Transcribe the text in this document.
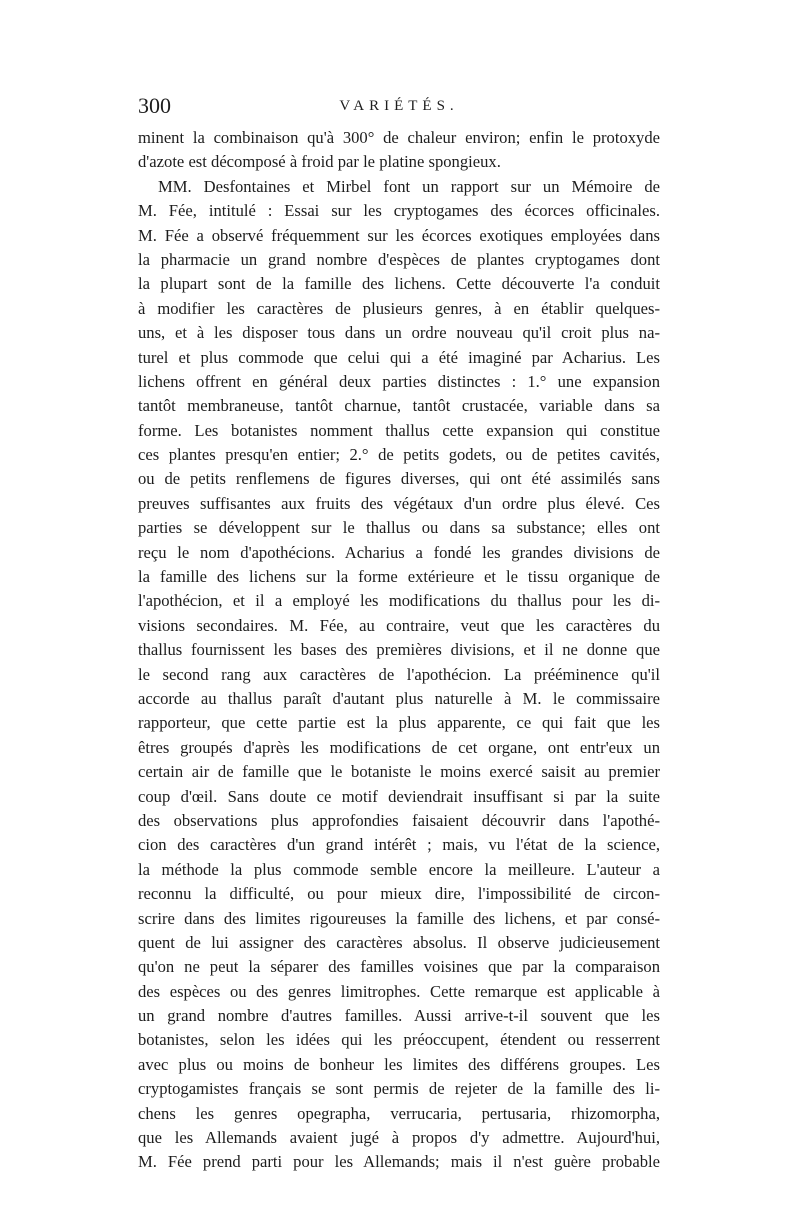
300	VARIÉTÉS.
minent la combinaison qu'à 300° de chaleur environ; enfin le protoxyde
d'azote est décomposé à froid par le platine spongieux.
MM. Desfontaines et Mirbel font un rapport sur un Mémoire de
M. Fée, intitulé : Essai sur les cryptogames des écorces officinales.
M. Fée a observé fréquemment sur les écorces exotiques employées dans
la pharmacie un grand nombre d'espèces de plantes cryptogames dont
la plupart sont de la famille des lichens. Cette découverte l'a conduit
à modifier les caractères de plusieurs genres, à en établir quelques-
uns, et à les disposer tous dans un ordre nouveau qu'il croit plus na-
turel et plus commode que celui qui a été imaginé par Acharius. Les
lichens offrent en général deux parties distinctes : 1.° une expansion
tantôt membraneuse, tantôt charnue, tantôt crustacée, variable dans sa
forme. Les botanistes nomment thallus cette expansion qui constitue
ces plantes presqu'en entier; 2.° de petits godets, ou de petites cavités,
ou de petits renflemens de figures diverses, qui ont été assimilés sans
preuves suffisantes aux fruits des végétaux d'un ordre plus élevé. Ces
parties se développent sur le thallus ou dans sa substance; elles ont
reçu le nom d'apothécions. Acharius a fondé les grandes divisions de
la famille des lichens sur la forme extérieure et le tissu organique de
l'apothécion, et il a employé les modifications du thallus pour les di-
visions secondaires. M. Fée, au contraire, veut que les caractères du
thallus fournissent les bases des premières divisions, et il ne donne que
le second rang aux caractères de l'apothécion. La prééminence qu'il
accorde au thallus paraît d'autant plus naturelle à M. le commissaire
rapporteur, que cette partie est la plus apparente, ce qui fait que les
êtres groupés d'après les modifications de cet organe, ont entr'eux un
certain air de famille que le botaniste le moins exercé saisit au premier
coup d'œil. Sans doute ce motif deviendrait insuffisant si par la suite
des observations plus approfondies faisaient découvrir dans l'apothé-
cion des caractères d'un grand intérêt ; mais, vu l'état de la science,
la méthode la plus commode semble encore la meilleure. L'auteur a
reconnu la difficulté, ou pour mieux dire, l'impossibilité de circon-
scrire dans des limites rigoureuses la famille des lichens, et par consé-
quent de lui assigner des caractères absolus. Il observe judicieusement
qu'on ne peut la séparer des familles voisines que par la comparaison
des espèces ou des genres limitrophes. Cette remarque est applicable à
un grand nombre d'autres familles. Aussi arrive-t-il souvent que les
botanistes, selon les idées qui les préoccupent, étendent ou resserrent
avec plus ou moins de bonheur les limites des différens groupes. Les
cryptogamistes français se sont permis de rejeter de la famille des li-
chens les genres opegrapha, verrucaria, pertusaria, rhizomorpha,
que les Allemands avaient jugé à propos d'y admettre. Aujourd'hui,
M. Fée prend parti pour les Allemands; mais il n'est guère probable
